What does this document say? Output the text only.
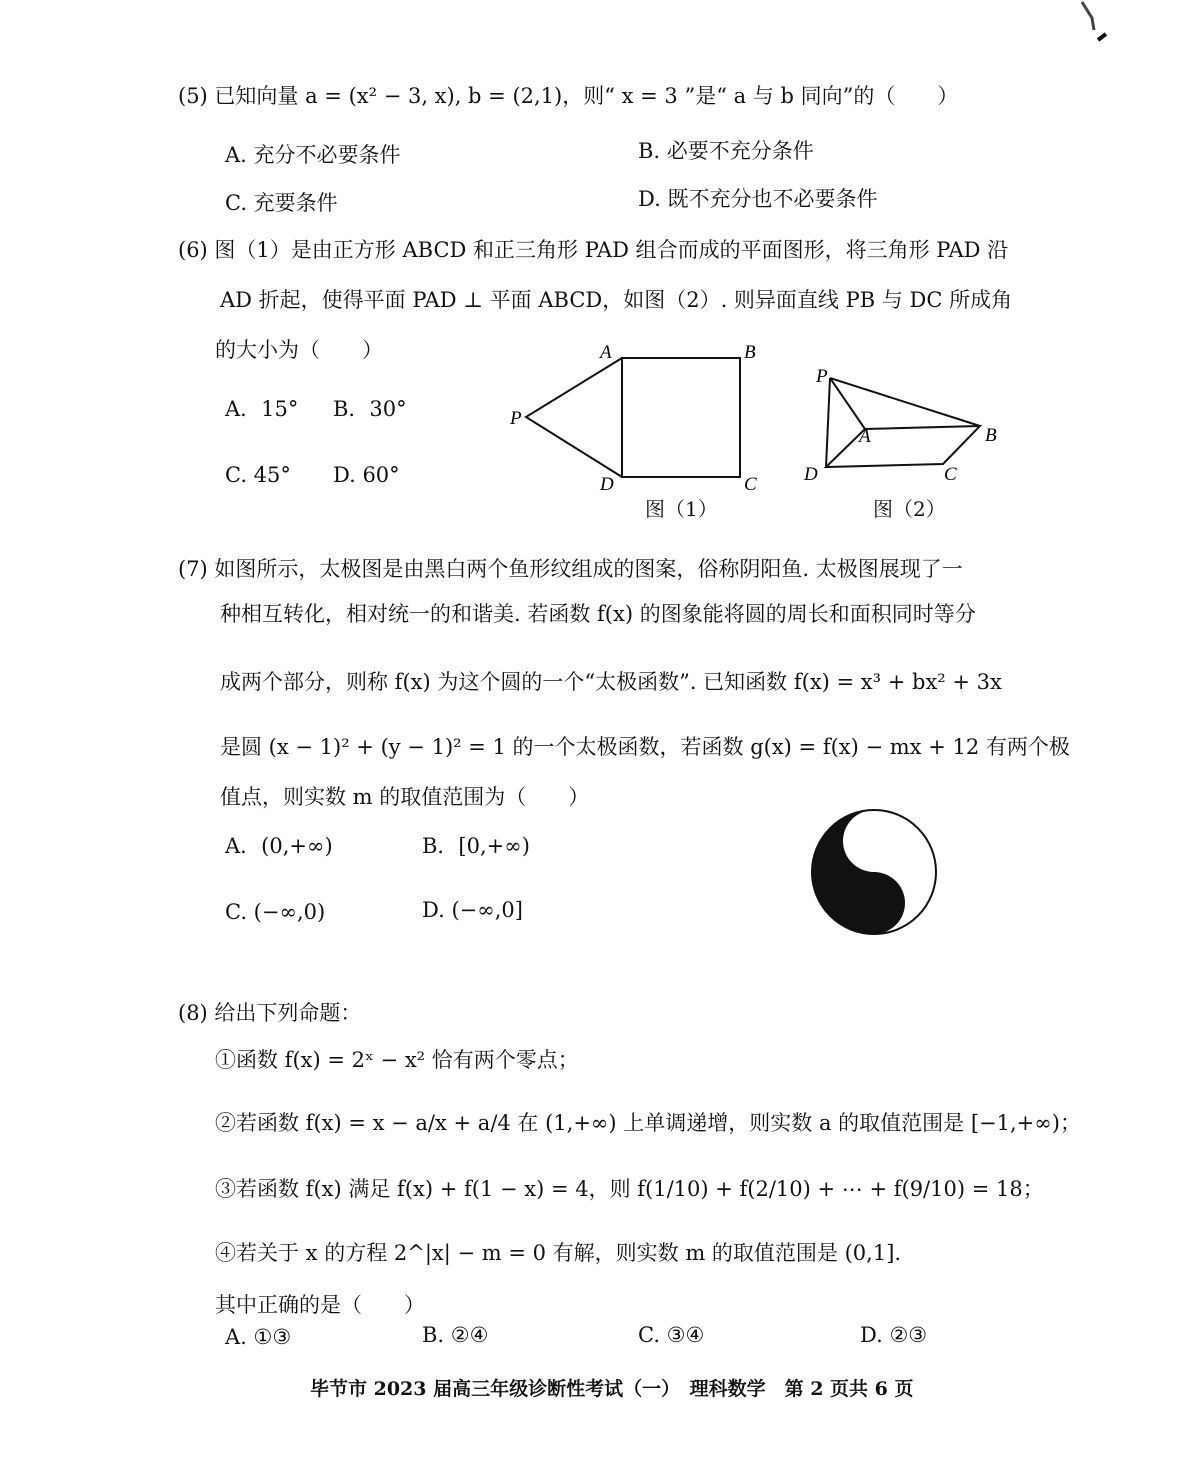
(5) 已知向量 a = (x² − 3, x), b = (2,1)，则“ x = 3 ”是“ a 与 b 同向”的（　　）
A. 充分不必要条件	B. 必要不充分条件
C. 充要条件	D. 既不充分也不必要条件
(6) 图（1）是由正方形 ABCD 和正三角形 PAD 组合而成的平面图形，将三角形 PAD 沿
AD 折起，使得平面 PAD ⊥ 平面 ABCD，如图（2）. 则异面直线 PB 与 DC 所成角
的大小为（　　）
A．15° B．30°
C. 45° D. 60°
A	B
C
D
P
图（1）
P
A	B
C
D
图（2）
(7) 如图所示，太极图是由黑白两个鱼形纹组成的图案，俗称阴阳鱼. 太极图展现了一
种相互转化，相对统一的和谐美. 若函数 f(x) 的图象能将圆的周长和面积同时等分
成两个部分，则称 f(x) 为这个圆的一个“太极函数”. 已知函数 f(x) = x³ + bx² + 3x
是圆 (x − 1)² + (y − 1)² = 1 的一个太极函数，若函数 g(x) = f(x) − mx + 12 有两个极
值点，则实数 m 的取值范围为（　　）
A．(0,+∞)	B．[0,+∞)
C. (−∞,0)	D. (−∞,0]
(8) 给出下列命题：
①函数 f(x) = 2ˣ − x² 恰有两个零点；
②若函数 f(x) = x − a/x + a/4 在 (1,+∞) 上单调递增，则实数 a 的取值范围是 [−1,+∞)；
③若函数 f(x) 满足 f(x) + f(1 − x) = 4，则 f(1/10) + f(2/10) + ⋯ + f(9/10) = 18；
④若关于 x 的方程 2^|x| − m = 0 有解，则实数 m 的取值范围是 (0,1].
其中正确的是（　　）
A. ①③	B. ②④	C. ③④	D. ②③
毕节市 2023 届高三年级诊断性考试（一）　理科数学　第 2 页共 6 页
